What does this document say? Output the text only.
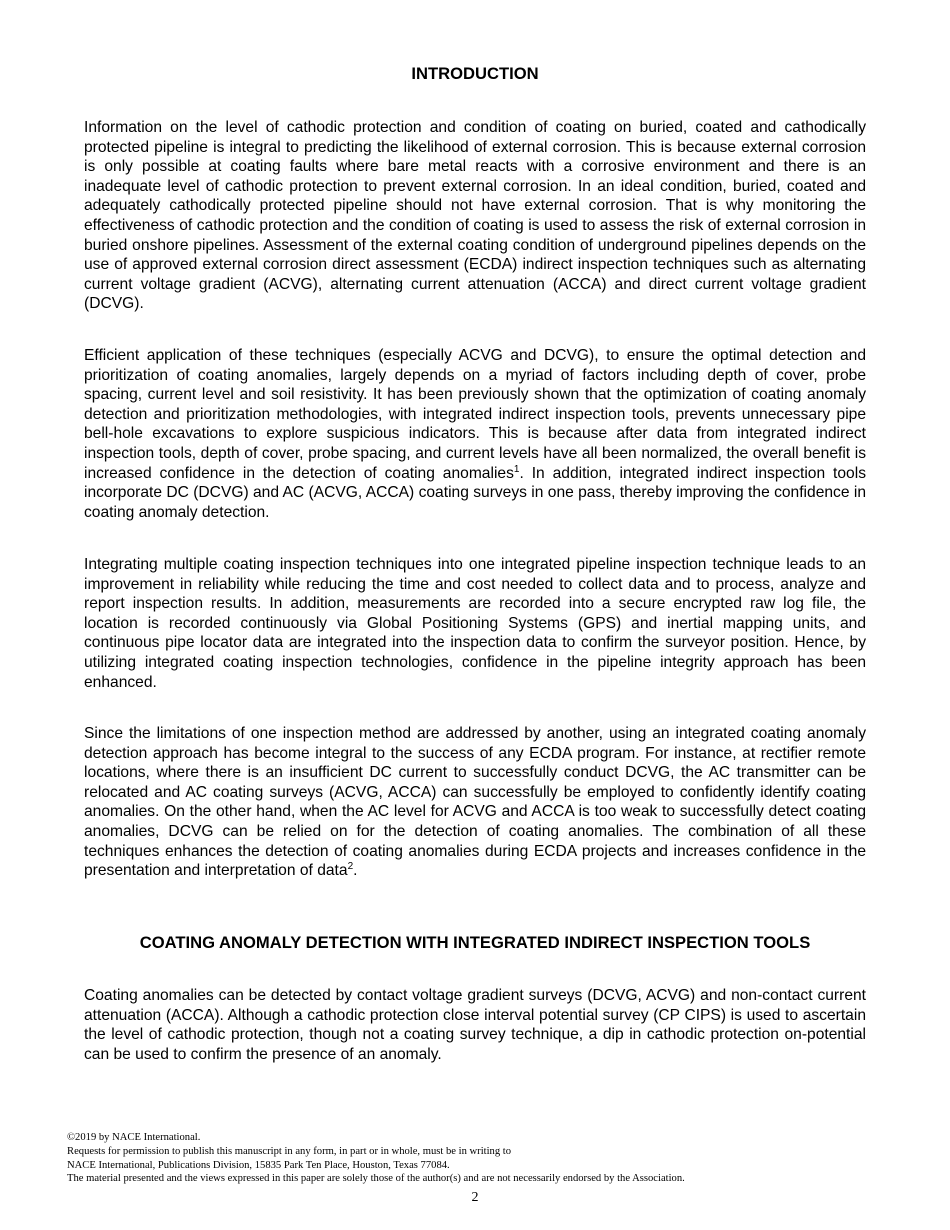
INTRODUCTION

Information on the level of cathodic protection and condition of coating on buried, coated and cathodically protected pipeline is integral to predicting the likelihood of external corrosion. This is because external corrosion is only possible at coating faults where bare metal reacts with a corrosive environment and there is an inadequate level of cathodic protection to prevent external corrosion. In an ideal condition, buried, coated and adequately cathodically protected pipeline should not have external corrosion. That is why monitoring the effectiveness of cathodic protection and the condition of coating is used to assess the risk of external corrosion in buried onshore pipelines. Assessment of the external coating condition of underground pipelines depends on the use of approved external corrosion direct assessment (ECDA) indirect inspection techniques such as alternating current voltage gradient (ACVG), alternating current attenuation (ACCA) and direct current voltage gradient (DCVG).

Efficient application of these techniques (especially ACVG and DCVG), to ensure the optimal detection and prioritization of coating anomalies, largely depends on a myriad of factors including depth of cover, probe spacing, current level and soil resistivity. It has been previously shown that the optimization of coating anomaly detection and prioritization methodologies, with integrated indirect inspection tools, prevents unnecessary pipe bell-hole excavations to explore suspicious indicators. This is because after data from integrated indirect inspection tools, depth of cover, probe spacing, and current levels have all been normalized, the overall benefit is increased confidence in the detection of coating anomalies$^1$. In addition, integrated indirect inspection tools incorporate DC (DCVG) and AC (ACVG, ACCA) coating surveys in one pass, thereby improving the confidence in coating anomaly detection.

Integrating multiple coating inspection techniques into one integrated pipeline inspection technique leads to an improvement in reliability while reducing the time and cost needed to collect data and to process, analyze and report inspection results. In addition, measurements are recorded into a secure encrypted raw log file, the location is recorded continuously via Global Positioning Systems (GPS) and inertial mapping units, and continuous pipe locator data are integrated into the inspection data to confirm the surveyor position. Hence, by utilizing integrated coating inspection technologies, confidence in the pipeline integrity approach has been enhanced.

Since the limitations of one inspection method are addressed by another, using an integrated coating anomaly detection approach has become integral to the success of any ECDA program. For instance, at rectifier remote locations, where there is an insufficient DC current to successfully conduct DCVG, the AC transmitter can be relocated and AC coating surveys (ACVG, ACCA) can successfully be employed to confidently identify coating anomalies. On the other hand, when the AC level for ACVG and ACCA is too weak to successfully detect coating anomalies, DCVG can be relied on for the detection of coating anomalies. The combination of all these techniques enhances the detection of coating anomalies during ECDA projects and increases confidence in the presentation and interpretation of data$^2$.

COATING ANOMALY DETECTION WITH INTEGRATED INDIRECT INSPECTION TOOLS

Coating anomalies can be detected by contact voltage gradient surveys (DCVG, ACVG) and non-contact current attenuation (ACCA). Although a cathodic protection close interval potential survey (CP CIPS) is used to ascertain the level of cathodic protection, though not a coating survey technique, a dip in cathodic protection on-potential can be used to confirm the presence of an anomaly.

©2019 by NACE International.
Requests for permission to publish this manuscript in any form, in part or in whole, must be in writing to
NACE International, Publications Division, 15835 Park Ten Place, Houston, Texas 77084.
The material presented and the views expressed in this paper are solely those of the author(s) and are not necessarily endorsed by the Association.
2
